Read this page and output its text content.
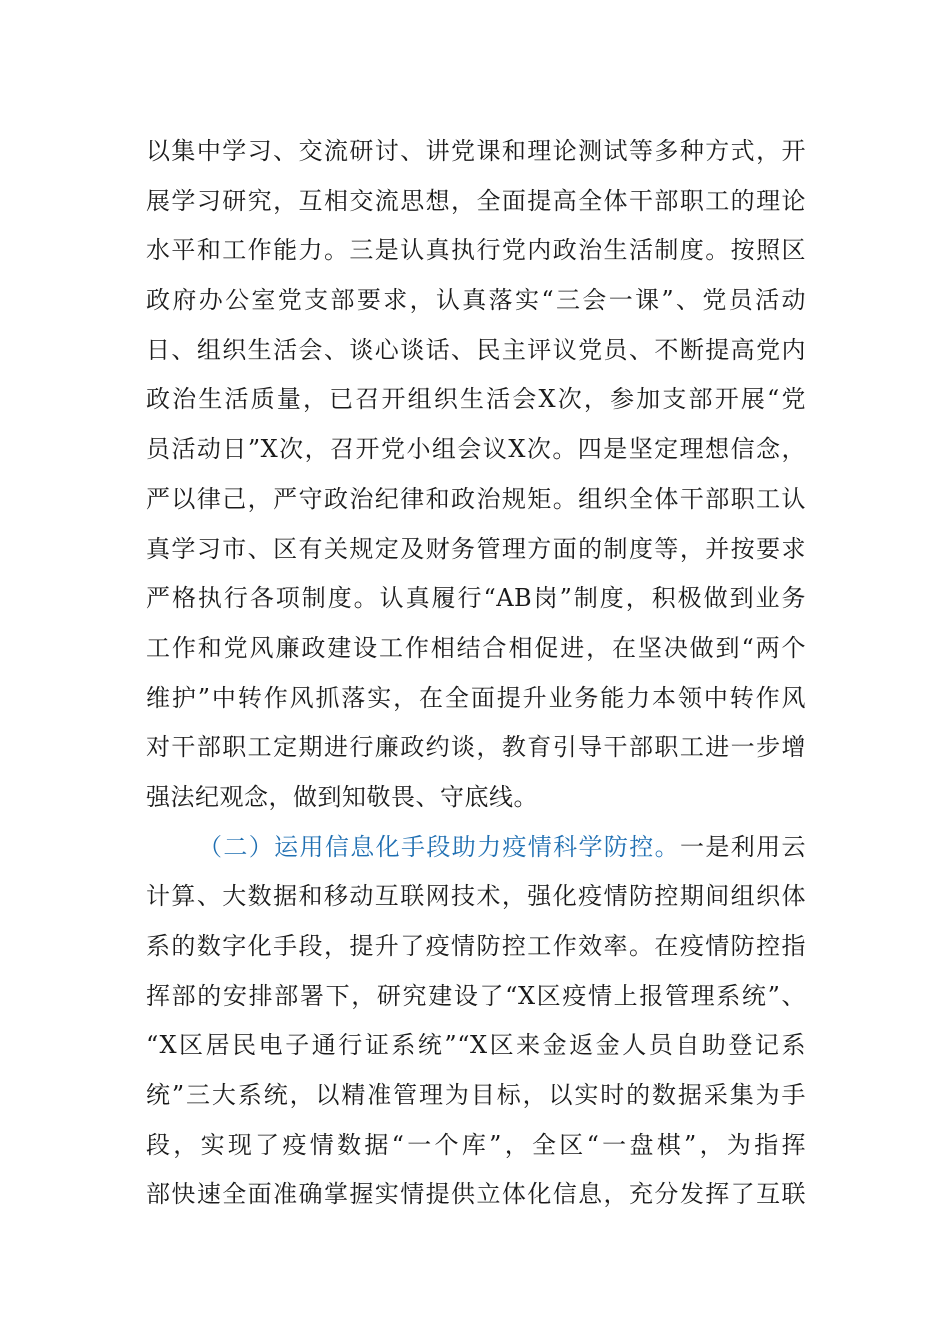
以集中学习、交流研讨、讲党课和理论测试等多种方式，开
展学习研究，互相交流思想，全面提高全体干部职工的理论
水平和工作能力。三是认真执行党内政治生活制度。按照区
政府办公室党支部要求，认真落实“三会一课”、党员活动
日、组织生活会、谈心谈话、民主评议党员、不断提高党内
政治生活质量，已召开组织生活会X次，参加支部开展“党
员活动日”X次，召开党小组会议X次。四是坚定理想信念，
严以律己，严守政治纪律和政治规矩。组织全体干部职工认
真学习市、区有关规定及财务管理方面的制度等，并按要求
严格执行各项制度。认真履行“AB岗”制度，积极做到业务
工作和党风廉政建设工作相结合相促进，在坚决做到“两个
维护”中转作风抓落实，在全面提升业务能力本领中转作风
对干部职工定期进行廉政约谈，教育引导干部职工进一步增
强法纪观念，做到知敬畏、守底线。
（二）运用信息化手段助力疫情科学防控。一是利用云
计算、大数据和移动互联网技术，强化疫情防控期间组织体
系的数字化手段，提升了疫情防控工作效率。在疫情防控指
挥部的安排部署下，研究建设了“X区疫情上报管理系统”、
“X区居民电子通行证系统”“X区来金返金人员自助登记系
统”三大系统，以精准管理为目标，以实时的数据采集为手
段，实现了疫情数据“一个库”，全区“一盘棋”，为指挥
部快速全面准确掌握实情提供立体化信息，充分发挥了互联
